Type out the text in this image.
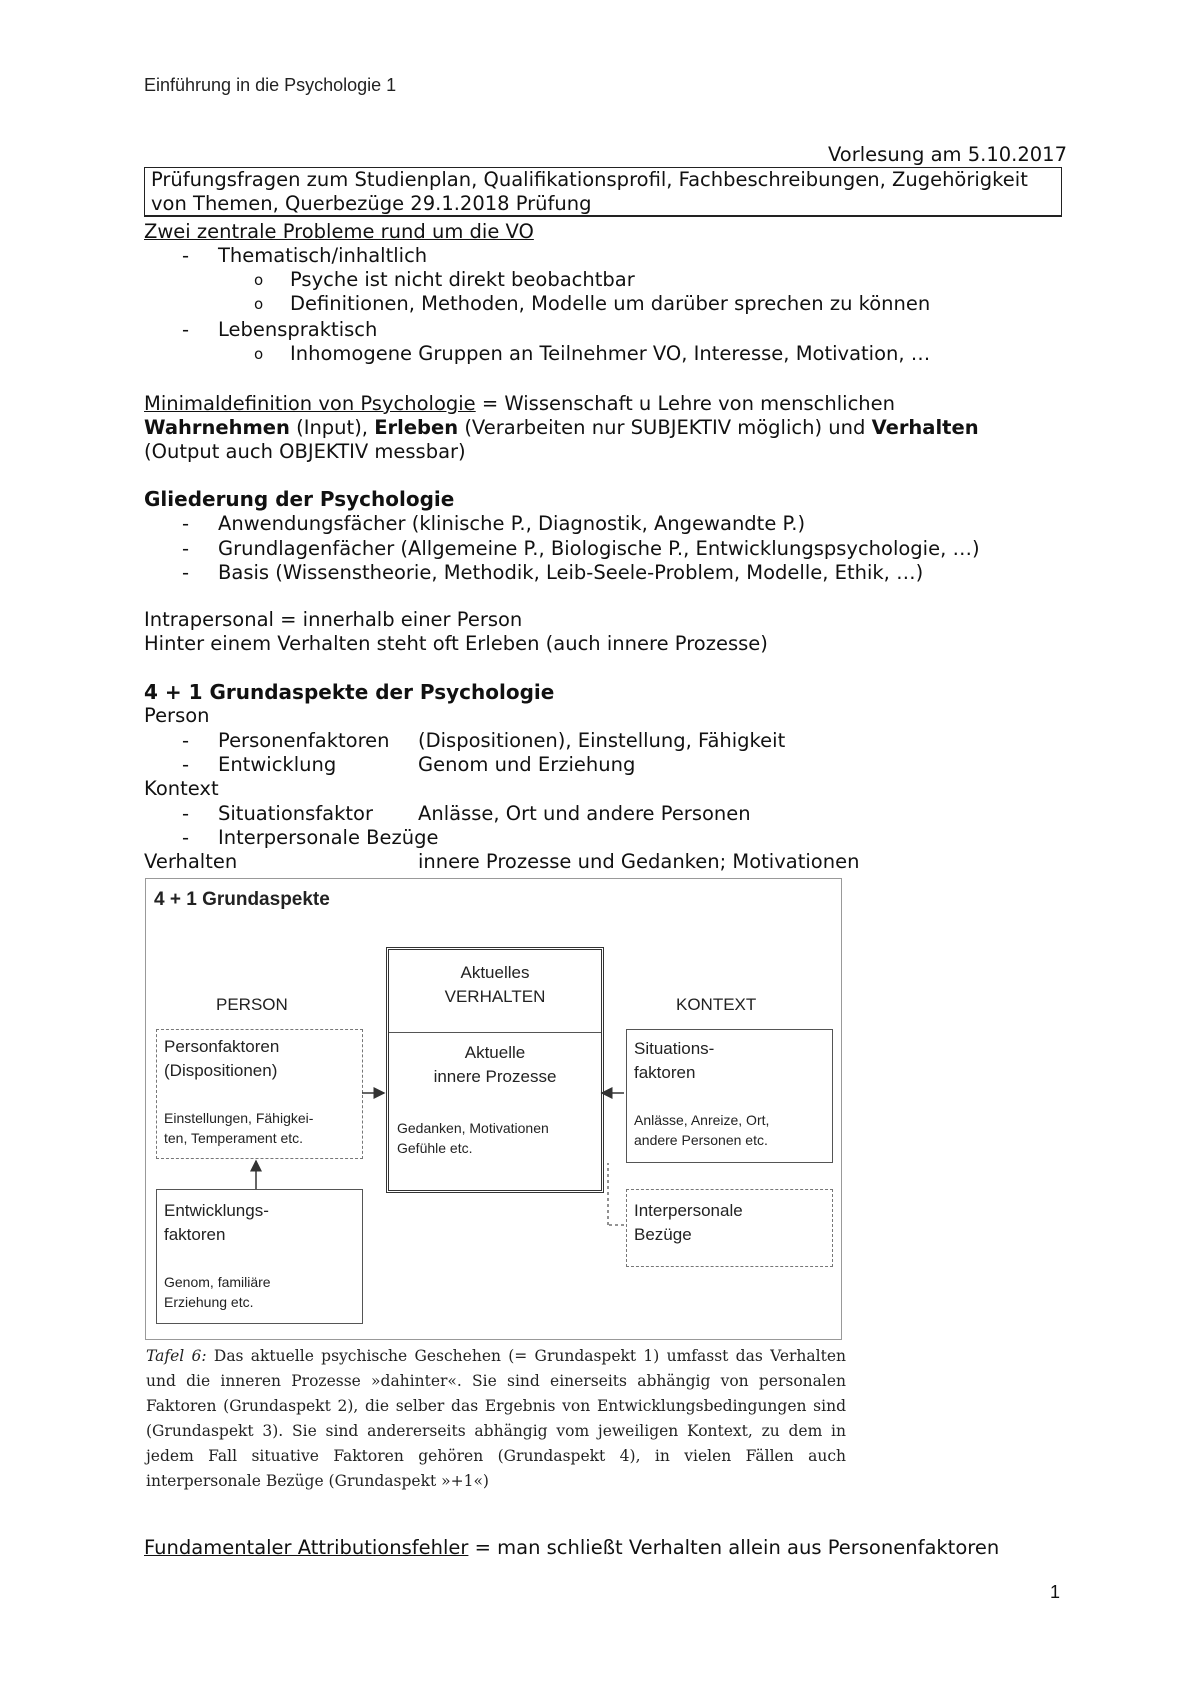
Einführung in die Psychologie 1
Vorlesung am 5.10.2017
Prüfungsfragen zum Studienplan, Qualifikationsprofil, Fachbeschreibungen, Zugehörigkeit
von Themen, Querbezüge 29.1.2018 Prüfung
Zwei zentrale Probleme rund um die VO
- Thematisch/inhaltlich
o Psyche ist nicht direkt beobachtbar
o Definitionen, Methoden, Modelle um darüber sprechen zu können
- Lebenspraktisch
o Inhomogene Gruppen an Teilnehmer VO, Interesse, Motivation, …
Minimaldefinition von Psychologie = Wissenschaft u Lehre von menschlichen
Wahrnehmen (Input), Erleben (Verarbeiten nur SUBJEKTIV möglich) und Verhalten
(Output auch OBJEKTIV messbar)
Gliederung der Psychologie
- Anwendungsfächer (klinische P., Diagnostik, Angewandte P.)
- Grundlagenfächer (Allgemeine P., Biologische P., Entwicklungspsychologie, …)
- Basis (Wissenstheorie, Methodik, Leib-Seele-Problem, Modelle, Ethik, …)
Intrapersonal = innerhalb einer Person
Hinter einem Verhalten steht oft Erleben (auch innere Prozesse)
4 + 1 Grundaspekte der Psychologie
Person
- Personenfaktoren (Dispositionen), Einstellung, Fähigkeit
- Entwicklung	Genom und Erziehung
Kontext
- Situationsfaktor Anlässe, Ort und andere Personen
- Interpersonale Bezüge
Verhalten	innere Prozesse und Gedanken; Motivationen
4 + 1 Grundaspekte
PERSON	KONTEXT
Personfaktoren
(Dispositionen)
Einstellungen, Fähigkei-
ten, Temperament etc.
Entwicklungs-
faktoren
Genom, familiäre
Erziehung etc.
Aktuelles
VERHALTEN
Aktuelle
innere Prozesse
Gedanken, Motivationen
Gefühle etc.
Situations-
faktoren
Anlässe, Anreize, Ort,
andere Personen etc.
Interpersonale
Bezüge
Tafel 6: Das aktuelle psychische Geschehen (= Grundaspekt 1) umfasst das Verhalten und die inneren Prozesse »dahinter«. Sie sind einerseits abhängig von personalen Faktoren (Grundaspekt 2), die selber das Ergebnis von Entwicklungsbedingungen sind (Grundaspekt 3). Sie sind andererseits abhängig vom jeweiligen Kontext, zu dem in jedem Fall situative Faktoren gehören (Grundaspekt 4), in vielen Fällen auch interpersonale Bezüge (Grundaspekt »+1«)
Fundamentaler Attributionsfehler = man schließt Verhalten allein aus Personenfaktoren
1
